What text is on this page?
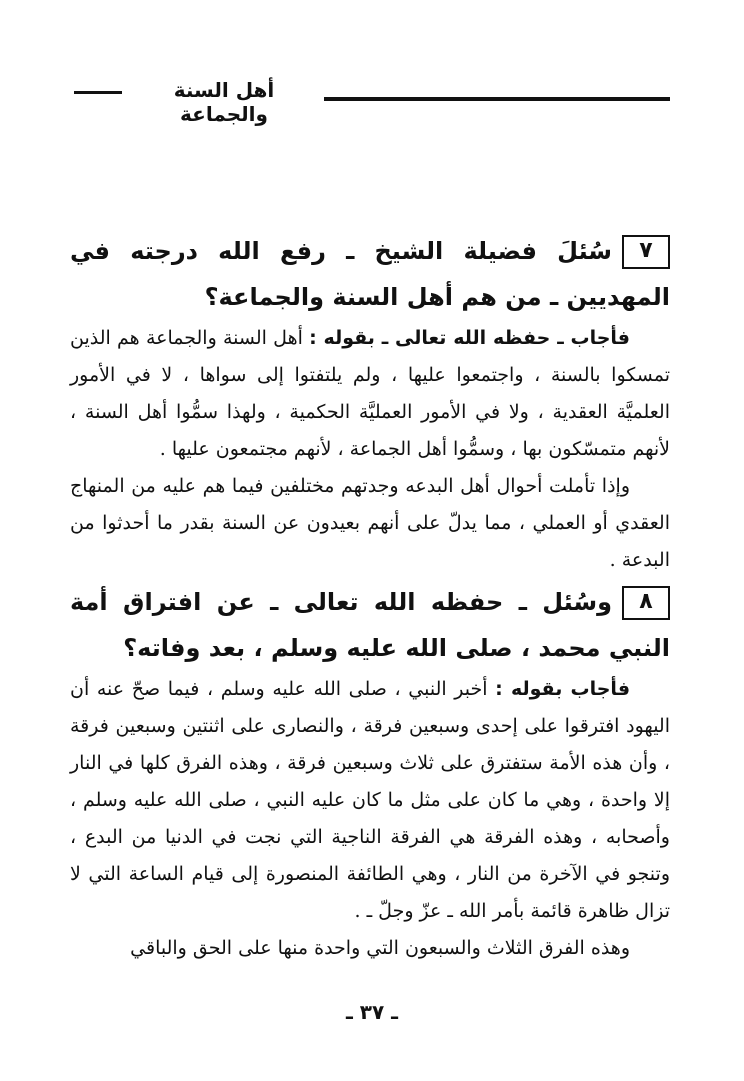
أهل السنة والجماعة

٧سُئلَ فضيلة الشيخ ـ رفع الله درجته في المهديين ـ من هم أهل السنة والجماعة؟

فأجاب ـ حفظه الله تعالى ـ بقوله : أهل السنة والجماعة هم الذين تمسكوا بالسنة ، واجتمعوا عليها ، ولم يلتفتوا إلى سواها ، لا في الأمور العلميَّة العقدية ، ولا في الأمور العمليَّة الحكمية ، ولهذا سمُّوا أهل السنة ، لأنهم متمسّكون بها ، وسمُّوا أهل الجماعة ، لأنهم مجتمعون عليها .

وإذا تأملت أحوال أهل البدعه وجدتهم مختلفين فيما هم عليه من المنهاج العقدي أو العملي ، مما يدلّ على أنهم بعيدون عن السنة بقدر ما أحدثوا من البدعة .

٨وسُئل ـ حفظه الله تعالى ـ عن افتراق أمة النبي محمد ، صلى الله عليه وسلم ، بعد وفاته؟

فأجاب بقوله : أخبر النبي ، صلى الله عليه وسلم ، فيما صحّ عنه أن اليهود افترقوا على إحدى وسبعين فرقة ، والنصارى على اثنتين وسبعين فرقة ، وأن هذه الأمة ستفترق على ثلاث وسبعين فرقة ، وهذه الفرق كلها في النار إلا واحدة ، وهي ما كان على مثل ما كان عليه النبي ، صلى الله عليه وسلم ، وأصحابه ، وهذه الفرقة هي الفرقة الناجية التي نجت في الدنيا من البدع ، وتنجو في الآخرة من النار ، وهي الطائفة المنصورة إلى قيام الساعة التي لا تزال ظاهرة قائمة بأمر الله ـ عزّ وجلّ ـ .

وهذه الفرق الثلاث والسبعون التي واحدة منها على الحق والباقي

ـ ٣٧ ـ
